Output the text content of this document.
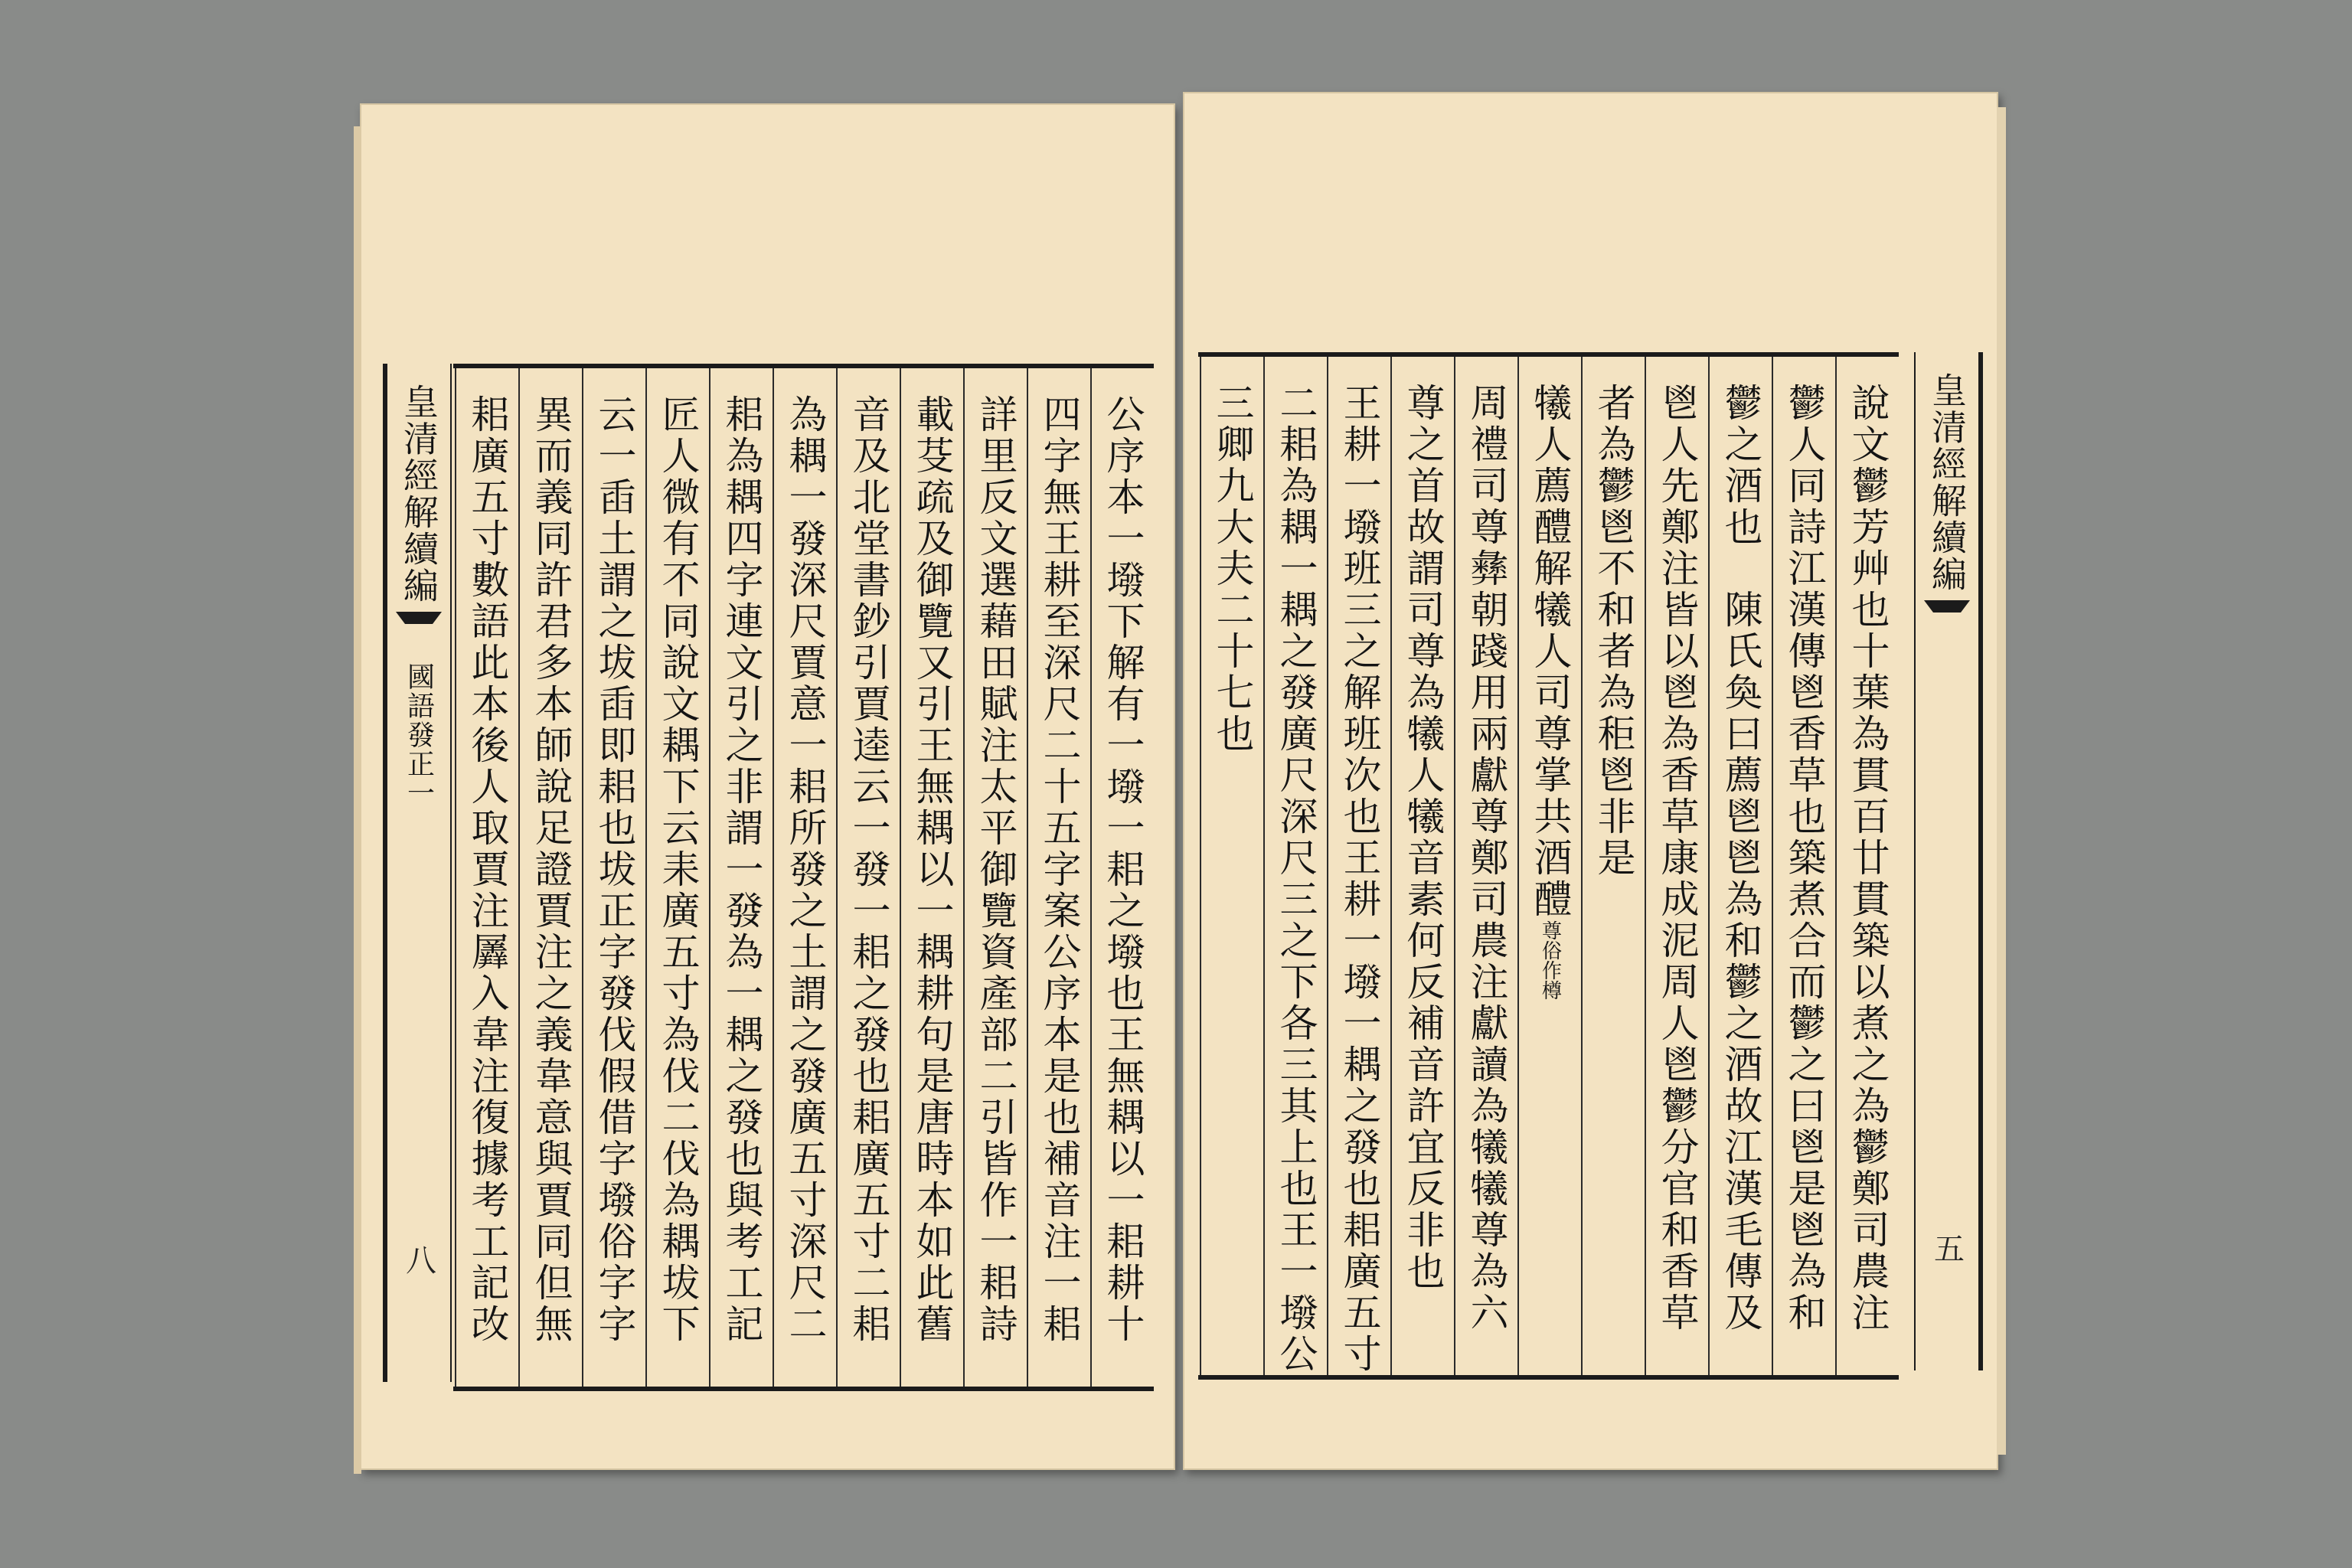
皇清經解續編
國語發正一
八	公序本一墢下解有一墢一耜之墢也王無耦以一耜耕十
四字無王耕至深尺二十五字案公序本是也補音注一耜
詳里反文選藉田賦注太平御覽資產部二引皆作一耜詩
載芟疏及御覽又引王無耦以一耦耕句是唐時本如此舊
音及北堂書鈔引賈逵云一發一耜之發也耜廣五寸二耜
為耦一發深尺賈意一耜所發之土謂之發廣五寸深尺二
耜為耦四字連文引之非謂一發為一耦之發也與考工記
匠人微有不同說文耦下云耒廣五寸為伐二伐為耦坺下
云一臿土謂之坺臿即耜也坺正字發伐假借字墢俗字字
異而義同許君多本師說足證賈注之義韋意與賈同但無
耜廣五寸數語此本後人取賈注羼入韋注復據考工記改	說文鬱芳艸也十葉為貫百廿貫築以煮之為鬱鄭司農注
鬱人同詩江漢傳鬯香草也築煮合而鬱之曰鬯是鬯為和
鬱之酒也　陳氏奐曰薦鬯鬯為和鬱之酒故江漢毛傳及
鬯人先鄭注皆以鬯為香草康成泥周人鬯鬱分官和香草
者為鬱鬯不和者為秬鬯非是
犧人薦醴解犧人司尊掌共酒醴尊俗作樽
周禮司尊彝朝踐用兩獻尊鄭司農注獻讀為犧犧尊為六
尊之首故謂司尊為犧人犧音素何反補音許宜反非也
王耕一墢班三之解班次也王耕一墢一耦之發也耜廣五寸
二耜為耦一耦之發廣尺深尺三之下各三其上也王一墢公
三卿九大夫二十七也	皇清經解續編
五
